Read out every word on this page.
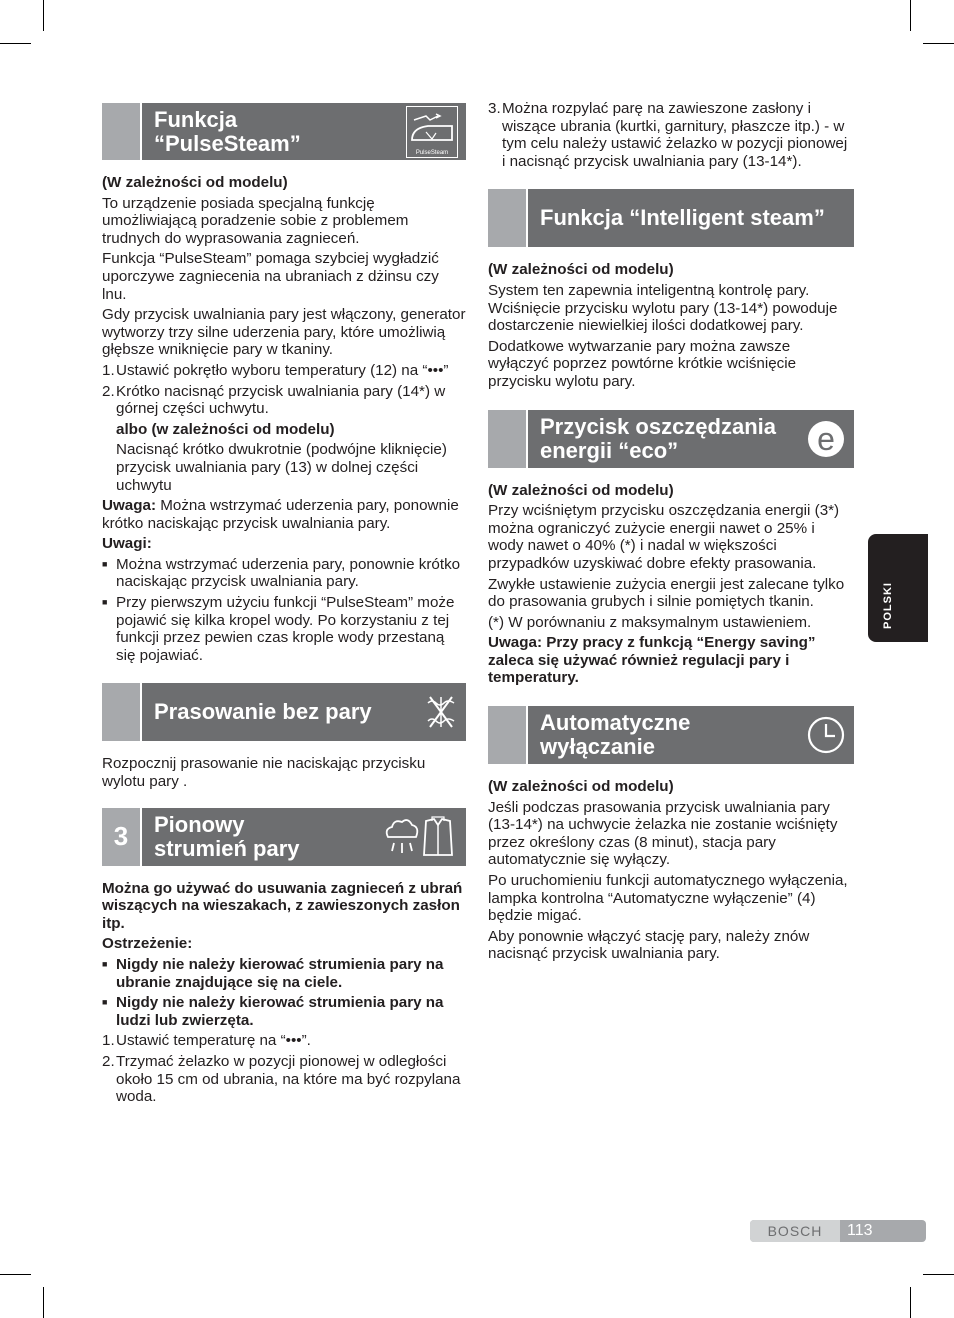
Funkcja
“PulseSteam”	PulseSteam

(W zależności od modelu)

To urządzenie posiada specjalną funkcję umożliwiającą poradzenie sobie z problemem trudnych do wyprasowania zagnieceń.

Funkcja “PulseSteam” pomaga szybciej wygładzić uporczywe zagniecenia na ubraniach z dżinsu czy lnu.

Gdy przycisk uwalniania pary jest włączony, generator wytworzy trzy silne uderzenia pary, które umożliwią głębsze wniknięcie pary w tkaniny.

1. Ustawić pokrętło wyboru temperatury (12) na “•••”
2. Krótko nacisnąć przycisk uwalniania pary (14*) w górnej części uchwytu.

albo (w zależności od modelu)

Nacisnąć krótko dwukrotnie (podwójne kliknięcie) przycisk uwalniania pary (13) w dolnej części uchwytu

Uwaga: Można wstrzymać uderzenia pary, ponownie krótko naciskając przycisk uwalniania pary.

Uwagi:

■ Można wstrzymać uderzenia pary, ponownie krótko naciskając przycisk uwalniania pary.
■ Przy pierwszym użyciu funkcji “PulseSteam” może pojawić się kilka kropel wody. Po korzystaniu z tej funkcji przez pewien czas krople wody przestaną się pojawiać.
Prasowanie bez pary

Rozpocznij prasowanie nie naciskając przycisku wylotu pary .

3	Pionowy
strumień pary

Można go używać do usuwania zagnieceń z ubrań wiszących na wieszakach, z zawieszonych zasłon itp.

Ostrzeżenie:

■ Nigdy nie należy kierować strumienia pary na ubranie znajdujące się na ciele.
■ Nigdy nie należy kierować strumienia pary na ludzi lub zwierzęta.
1. Ustawić temperaturę na “•••”.
2. Trzymać żelazko w pozycji pionowej w odległości około 15 cm od ubrania, na które ma być rozpylana woda.
3. Można rozpylać parę na zawieszone zasłony i wiszące ubrania (kurtki, garnitury, płaszcze itp.) - w tym celu należy ustawić żelazko w pozycji pionowej i nacisnąć przycisk uwalniania pary (13-14*).
Funkcja “Intelligent steam”

(W zależności od modelu)

System ten zapewnia inteligentną kontrolę pary. Wciśnięcie przycisku wylotu pary (13-14*) powoduje dostarczenie niewielkiej ilości dodatkowej pary.

Dodatkowe wytwarzanie pary można zawsze wyłączyć poprzez powtórne krótkie wciśnięcie przycisku wylotu pary.

Przycisk oszczędzania
energii “eco”	e

(W zależności od modelu)

Przy wciśniętym przycisku oszczędzania energii (3*) można ograniczyć zużycie energii nawet o 25% i wody nawet o 40% (*) i nadal w większości przypadków uzyskiwać dobre efekty prasowania.

Zwykłe ustawienie zużycia energii jest zalecane tylko do prasowania grubych i silnie pomiętych tkanin.

(*) W porównaniu z maksymalnym ustawieniem.

Uwaga: Przy pracy z funkcją “Energy saving” zaleca się używać również regulacji pary i temperatury.

Automatyczne
wyłączanie

(W zależności od modelu)

Jeśli podczas prasowania przycisk uwalniania pary (13-14*) na uchwycie żelazka nie zostanie wciśnięty przez określony czas (8 minut), stacja pary automatycznie się wyłączy.

Po uruchomieniu funkcji automatycznego wyłączenia, lampka kontrolna “Automatyczne wyłączenie” (4) będzie migać.

Aby ponownie włączyć stację pary, należy znów nacisnąć przycisk uwalniania pary.

POLSKI
BOSCH	113
